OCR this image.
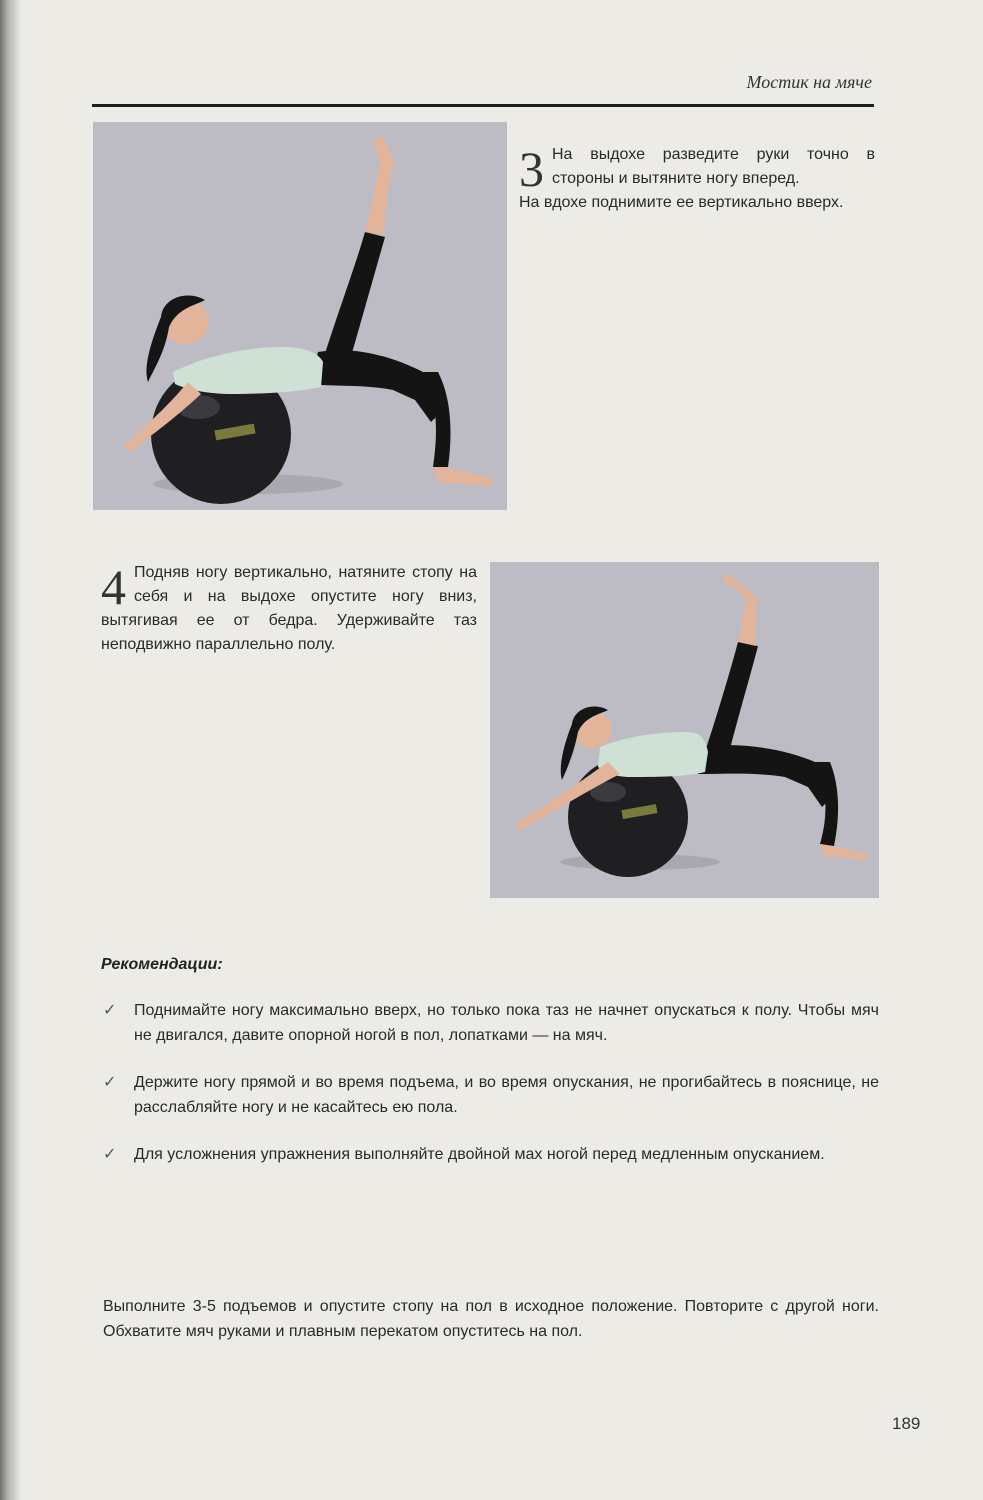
Мостик на мяче
3 На выдохе разведите руки точно в стороны и вытяните ногу вперед.

На вдохе поднимите ее вертикально вверх.

4 Подняв ногу вертикально, натяните стопу на себя и на выдохе опустите ногу вниз, вытягивая ее от бедра. Удерживайте таз неподвижно параллельно полу.

Рекомендации:
✓ Поднимайте ногу максимально вверх, но только пока таз не начнет опускаться к полу. Чтобы мяч не двигался, давите опорной ногой в пол, лопатками — на мяч.
✓ Держите ногу прямой и во время подъема, и во время опускания, не прогибайтесь в пояснице, не расслабляйте ногу и не касайтесь ею пола.
✓ Для усложнения упражнения выполняйте двойной мах ногой перед медленным опусканием.

Выполните 3-5 подъемов и опустите стопу на пол в исходное положение. Повторите с другой ноги. Обхватите мяч руками и плавным перекатом опуститесь на пол.

189
